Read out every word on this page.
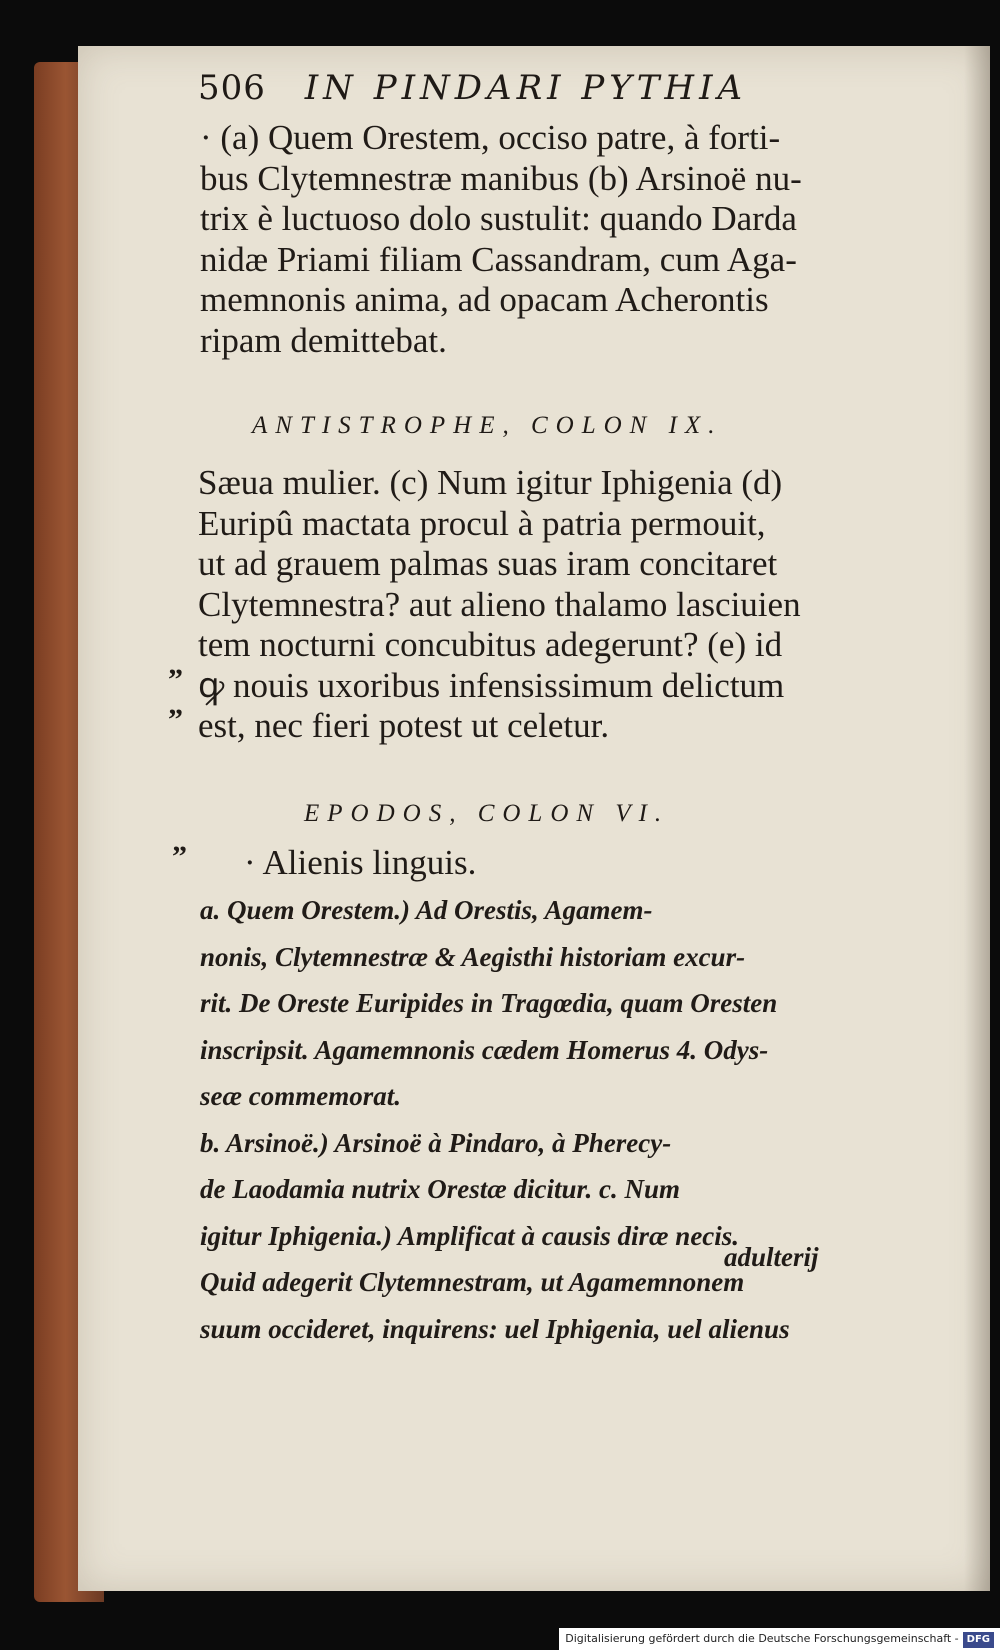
506 IN PINDARI PYTHIA
· (a) Quem Orestem, occiso patre, à forti-
bus Clytemnestræ manibus (b) Arsinoë nu-
trix è luctuoso dolo sustulit: quando Darda
nidæ Priami filiam Cassandram, cum Aga-
memnonis anima, ad opacam Acherontis
ripam demittebat.
ANTISTROPHE, COLON IX.
Sæua mulier. (c) Num igitur Iphigenia (d)
Euripû mactata procul à patria permouit,
ut ad grauem palmas suas iram concitaret
Clytemnestra? aut alieno thalamo lasciuien
tem nocturni concubitus adegerunt? (e) id
ꝙ nouis uxoribus infensissimum delictum
est, nec fieri potest ut celetur.
”
”
EPODOS, COLON VI.
” · Alienis linguis.
a. Quem Orestem.) Ad Orestis, Agamem-
nonis, Clytemnestræ & Aegisthi historiam excur-
rit. De Oreste Euripides in Tragœdia, quam Oresten
inscripsit. Agamemnonis cædem Homerus 4. Odys-
seæ commemorat.
b. Arsinoë.) Arsinoë à Pindaro, à Pherecy-
de Laodamia nutrix Orestæ dicitur. c. Num
igitur Iphigenia.) Amplificat à causis diræ necis.
Quid adegerit Clytemnestram, ut Agamemnonem
suum occideret, inquirens: uel Iphigenia, uel alienus
adulterij
Digitalisierung gefördert durch die Deutsche Forschungsgemeinschaft - DFG
